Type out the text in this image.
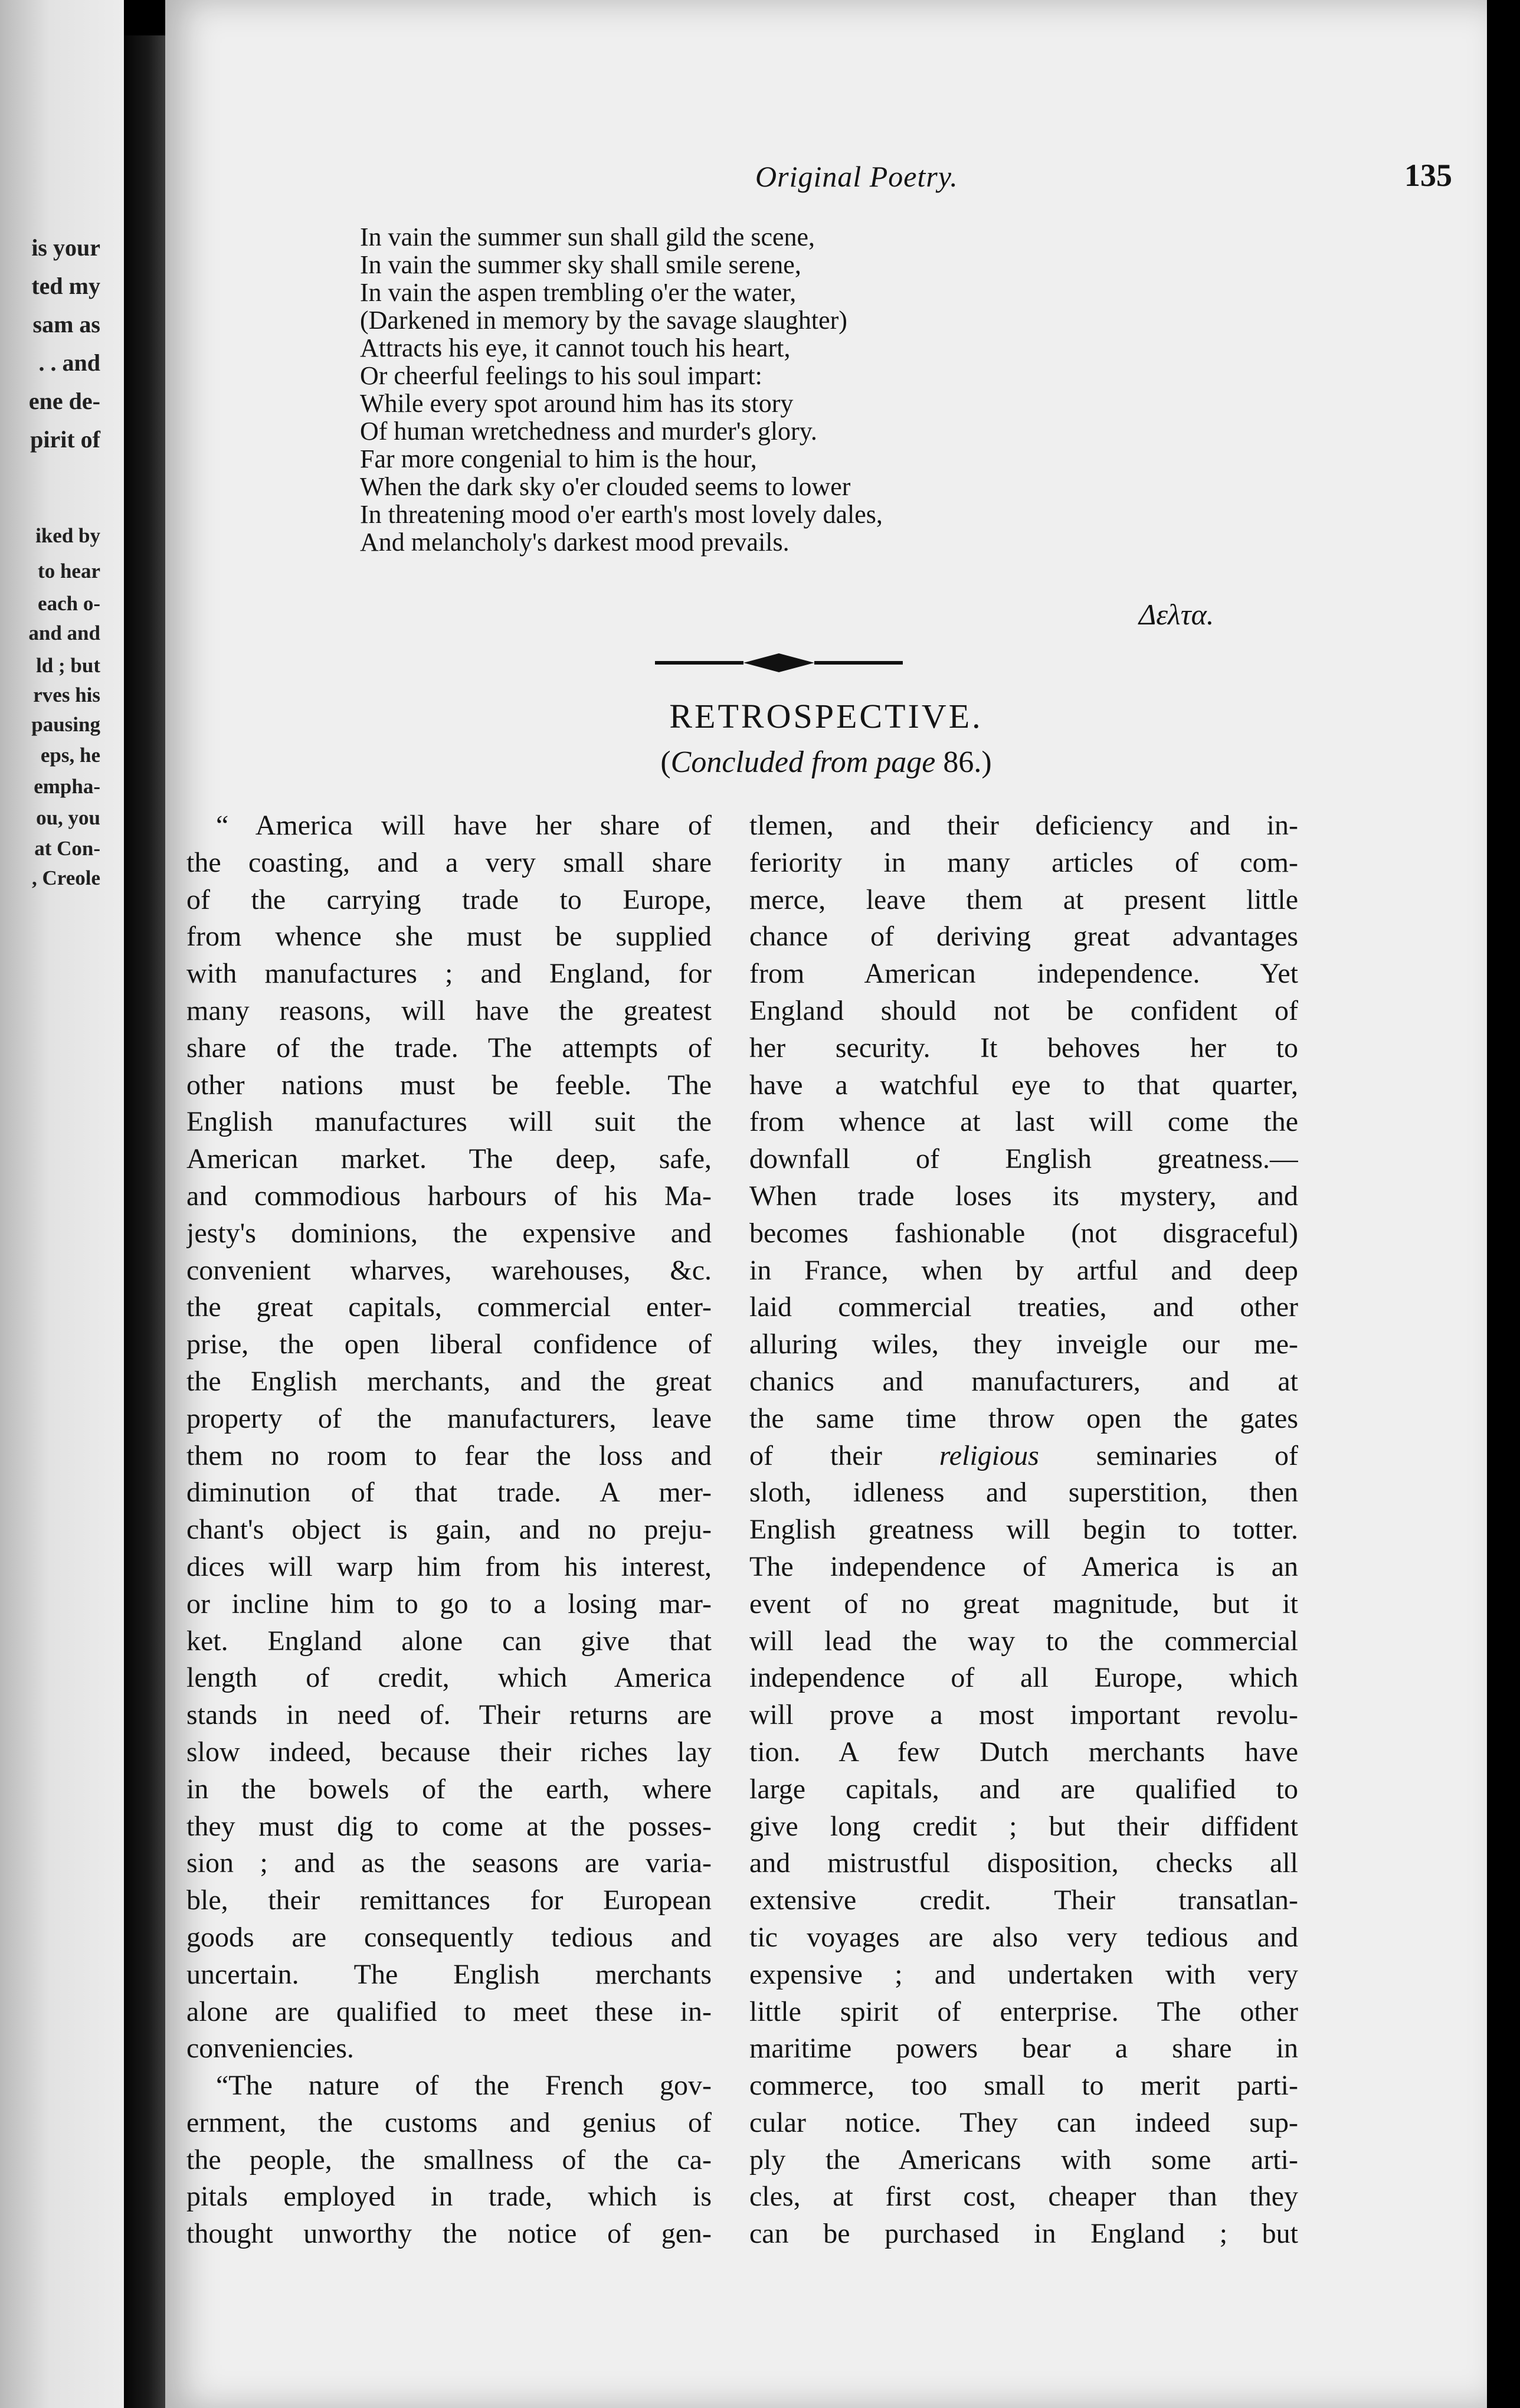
is your
ted my
sam as
. . and
ene de-
pirit of
iked by
to hear
each o-
and and
ld ; but
rves his
pausing
eps, he
empha-
ou, you
at Con-
, Creole
Original Poetry.	135
In vain the summer sun shall gild the scene,
In vain the summer sky shall smile serene,
In vain the aspen trembling o'er the water,
(Darkened in memory by the savage slaughter)
Attracts his eye, it cannot touch his heart,
Or cheerful feelings to his soul impart:
While every spot around him has its story
Of human wretchedness and murder's glory.
Far more congenial to him is the hour,
When the dark sky o'er clouded seems to lower
In threatening mood o'er earth's most lovely dales,
And melancholy's darkest mood prevails.
Δελτα.
RETROSPECTIVE.
(Concluded from page 86.)
“ America will have her share of
the coasting, and a very small share
of the carrying trade to Europe,
from whence she must be supplied
with manufactures ; and England, for
many reasons, will have the greatest
share of the trade. The attempts of
other nations must be feeble. The
English manufactures will suit the
American market. The deep, safe,
and commodious harbours of his Ma-
jesty's dominions, the expensive and
convenient wharves, warehouses, &c.
the great capitals, commercial enter-
prise, the open liberal confidence of
the English merchants, and the great
property of the manufacturers, leave
them no room to fear the loss and
diminution of that trade. A mer-
chant's object is gain, and no preju-
dices will warp him from his interest,
or incline him to go to a losing mar-
ket. England alone can give that
length of credit, which America
stands in need of. Their returns are
slow indeed, because their riches lay
in the bowels of the earth, where
they must dig to come at the posses-
sion ; and as the seasons are varia-
ble, their remittances for European
goods are consequently tedious and
uncertain. The English merchants
alone are qualified to meet these in-
conveniencies.
“The nature of the French gov-
ernment, the customs and genius of
the people, the smallness of the ca-
pitals employed in trade, which is
thought unworthy the notice of gen-
tlemen, and their deficiency and in-
feriority in many articles of com-
merce, leave them at present little
chance of deriving great advantages
from American independence. Yet
England should not be confident of
her security. It behoves her to
have a watchful eye to that quarter,
from whence at last will come the
downfall of English greatness.—
When trade loses its mystery, and
becomes fashionable (not disgraceful)
in France, when by artful and deep
laid commercial treaties, and other
alluring wiles, they inveigle our me-
chanics and manufacturers, and at
the same time throw open the gates
of their religious seminaries of
sloth, idleness and superstition, then
English greatness will begin to totter.
The independence of America is an
event of no great magnitude, but it
will lead the way to the commercial
independence of all Europe, which
will prove a most important revolu-
tion. A few Dutch merchants have
large capitals, and are qualified to
give long credit ; but their diffident
and mistrustful disposition, checks all
extensive credit. Their transatlan-
tic voyages are also very tedious and
expensive ; and undertaken with very
little spirit of enterprise. The other
maritime powers bear a share in
commerce, too small to merit parti-
cular notice. They can indeed sup-
ply the Americans with some arti-
cles, at first cost, cheaper than they
can be purchased in England ; but
